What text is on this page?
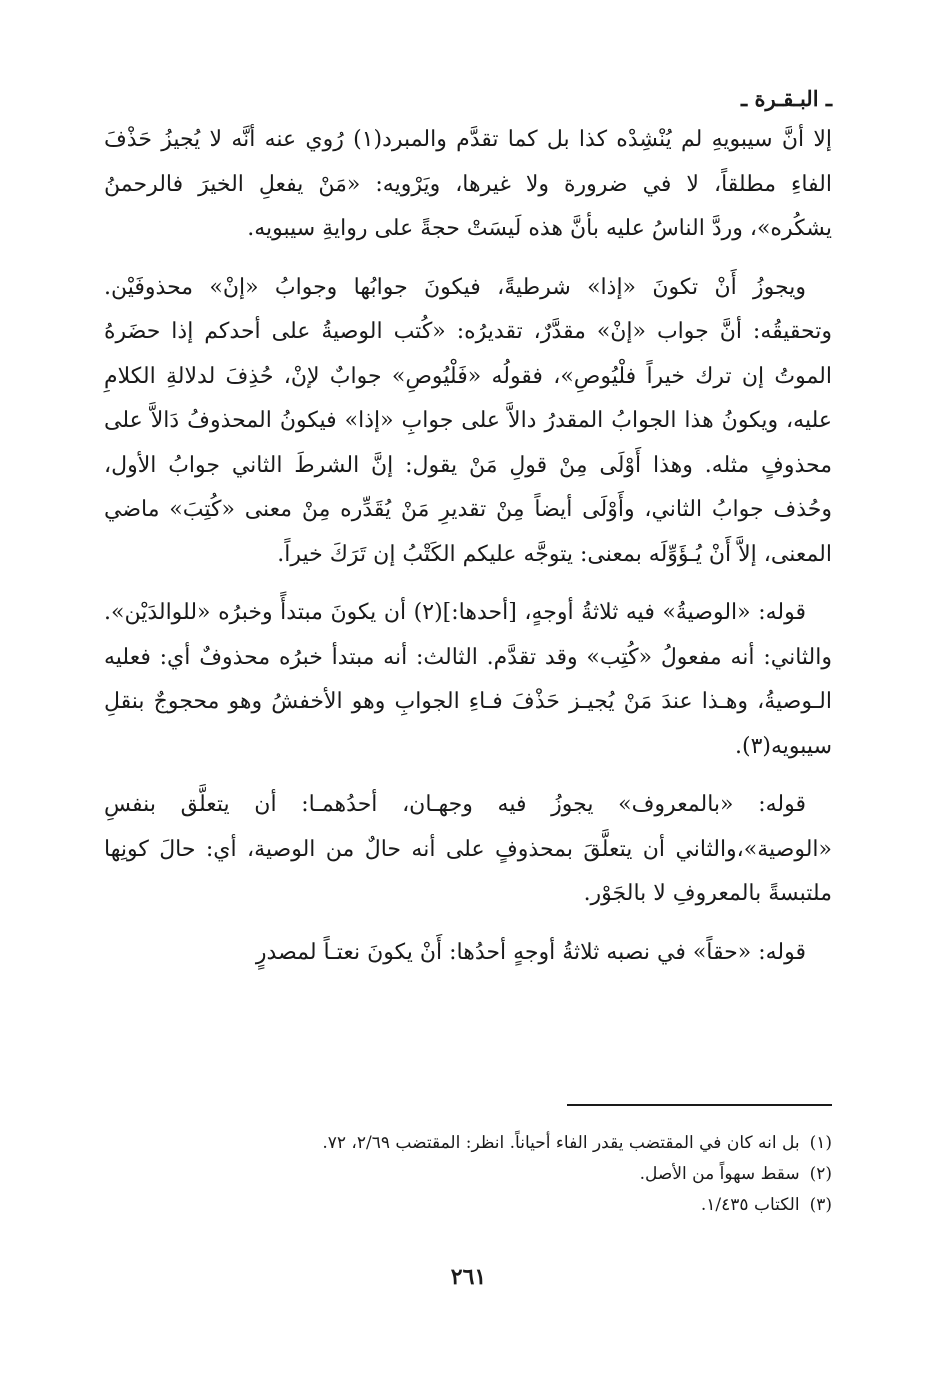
ـ البـقـرة ـ

إلا أنَّ سيبويهِ لم يُنْشِدْه كذا بل كما تقدَّم والمبرد(١) رُوي عنه أنَّه لا يُجيزُ حَذْفَ الفاءِ مطلقاً، لا في ضرورة ولا غيرها، ويَرْويه: «مَنْ يفعلِ الخيرَ فالرحمنُ يشكُره»، وردَّ الناسُ عليه بأنَّ هذه لَيسَتْ حجةً على روايةِ سيبويه.

ويجوزُ أَنْ تكونَ «إذا» شرطيةً، فيكونَ جوابُها وجوابُ «إنْ» محذوفَيْن. وتحقيقُه: أنَّ جواب «إنْ» مقدَّرٌ، تقديرُه: «كُتب الوصيةُ على أحدكم إذا حضَرهُ الموتُ إن ترك خيراً فلْيُوصِ»، فقولُه «فَلْيُوصِ» جوابٌ لإنْ، حُذِفَ لدلالةِ الكلامِ عليه، ويكونُ هذا الجوابُ المقدرُ دالاَّ على جوابِ «إذا» فيكونُ المحذوفُ دَالاَّ على محذوفٍ مثله. وهذا أَوْلَى مِنْ قولِ مَنْ يقول: إنَّ الشرطَ الثاني جوابُ الأول، وحُذف جوابُ الثاني، وأَوْلَى أيضاً مِنْ تقديرِ مَنْ يُقَدِّره مِنْ معنى «كُتِبَ» ماضي المعنى، إلاَّ أَنْ يُـؤَوِّلَه بمعنى: يتوجَّه عليكم الكَتْبُ إن تَرَكَ خيراً.

قوله: «الوصيةُ» فيه ثلاثةُ أوجهٍ، [أحدها:](٢) أن يكونَ مبتدأً وخبرُه «للوالدَيْن». والثاني: أنه مفعولُ «كُتِب» وقد تقدَّم. الثالث: أنه مبتدأ خبرُه محذوفٌ أي: فعليه الـوصيةُ، وهـذا عندَ مَنْ يُجيـز حَذْفَ فـاءِ الجوابِ وهو الأخفشُ وهو محجوجٌ بنقلِ سيبويه(٣).

قوله: «بالمعروف» يجوزُ فيه وجهـان، أحدُهمـا: أن يتعلَّق بنفسِ «الوصية»،والثاني أن يتعلَّقَ بمحذوفٍ على أنه حالٌ من الوصية، أي: حالَ كونِها ملتبسةً بالمعروفِ لا بالجَوْر.

قوله: «حقاً» في نصبه ثلاثةُ أوجهٍ أحدُها: أَنْ يكونَ نعتـاً لمصدرٍ

(١)بل انه كان في المقتضب يقدر الفاء أحياناً. انظر: المقتضب ٢/٦٩، ٧٢.
(٢)سقط سهواً من الأصل.
(٣)الكتاب ١/٤٣٥.
٢٦١
